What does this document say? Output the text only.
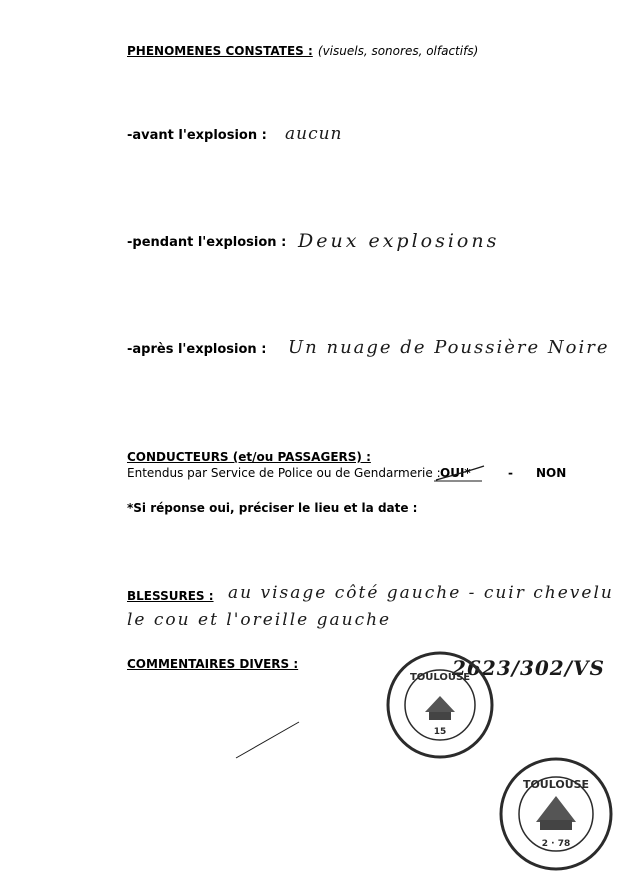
PHENOMENES CONSTATES : (visuels, sonores, olfactifs)
-avant l'explosion : aucun
-pendant l'explosion : Deux explosions
-après l'explosion : Un nuage de Poussière Noire
CONDUCTEURS (et/ou PASSAGERS) :
Entendus par Service de Police ou de Gendarmerie : OUI*	- NON
*Si réponse oui, préciser le lieu et la date :
BLESSURES : au visage côté gauche - cuir chevelu
le cou et l'oreille gauche
COMMENTAIRES DIVERS :	2623/302/VS
TOULOUSE
15
TOULOUSE
2 · 78
